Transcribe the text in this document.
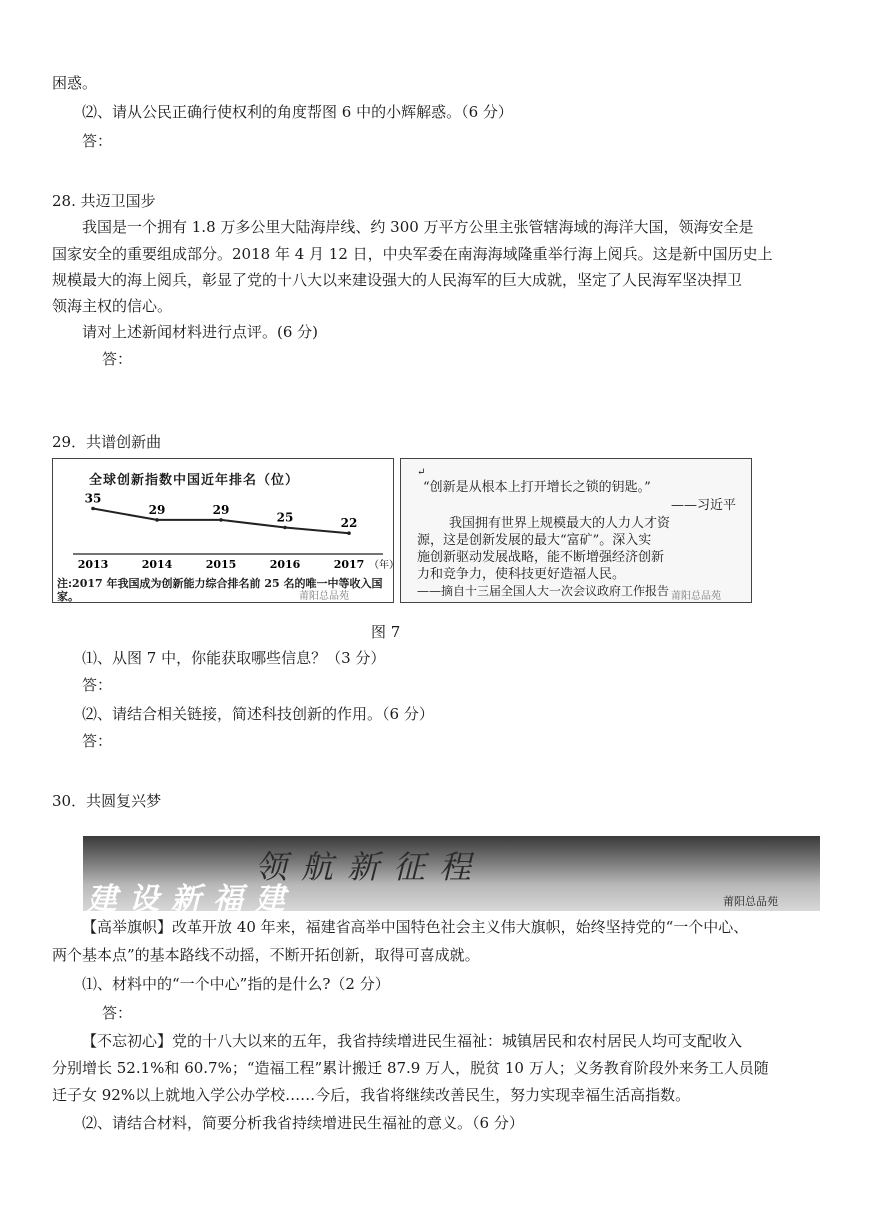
困惑。
⑵、请从公民正确行使权利的角度帮图 6 中的小辉解惑。（6 分）
答：
28. 共迈卫国步
我国是一个拥有 1.8 万多公里大陆海岸线、约 300 万平方公里主张管辖海域的海洋大国，领海安全是
国家安全的重要组成部分。2018 年 4 月 12 日，中央军委在南海海域隆重举行海上阅兵。这是新中国历史上
规模最大的海上阅兵，彰显了党的十八大以来建设强大的人民海军的巨大成就，坚定了人民海军坚决捍卫
领海主权的信心。
请对上述新闻材料进行点评。(6 分)
答：
29．共谱创新曲
全球创新指数中国近年排名（位）
35
2013
29
2014
29
2015
25
2016
22
2017 （年）
注:2017 年我国成为创新能力综合排名前 25 名的唯一中等收入国家。	莆阳总品苑
↵
“创新是从根本上打开增长之锁的钥匙。”
——习近平
我国拥有世界上规模最大的人力人才资
源，这是创新发展的最大“富矿”。深入实
施创新驱动发展战略，能不断增强经济创新
力和竞争力，使科技更好造福人民。
——摘自十三届全国人大一次会议政府工作报告 莆阳总品苑
图 7
⑴、从图 7 中，你能获取哪些信息？（3 分）
答：
⑵、请结合相关链接，简述科技创新的作用。（6 分）
答：
30．共圆复兴梦
领航新征程
建设新福建	莆阳总品苑
【高举旗帜】改革开放 40 年来，福建省高举中国特色社会主义伟大旗帜，始终坚持党的“一个中心、
两个基本点”的基本路线不动摇，不断开拓创新，取得可喜成就。
⑴、材料中的“一个中心”指的是什么?（2 分）
答：
【不忘初心】党的十八大以来的五年，我省持续增进民生福祉：城镇居民和农村居民人均可支配收入
分别增长 52.1%和 60.7%；“造福工程”累计搬迁 87.9 万人，脱贫 10 万人；义务教育阶段外来务工人员随
迁子女 92%以上就地入学公办学校……今后，我省将继续改善民生，努力实现幸福生活高指数。
⑵、请结合材料，简要分析我省持续增进民生福祉的意义。（6 分）
